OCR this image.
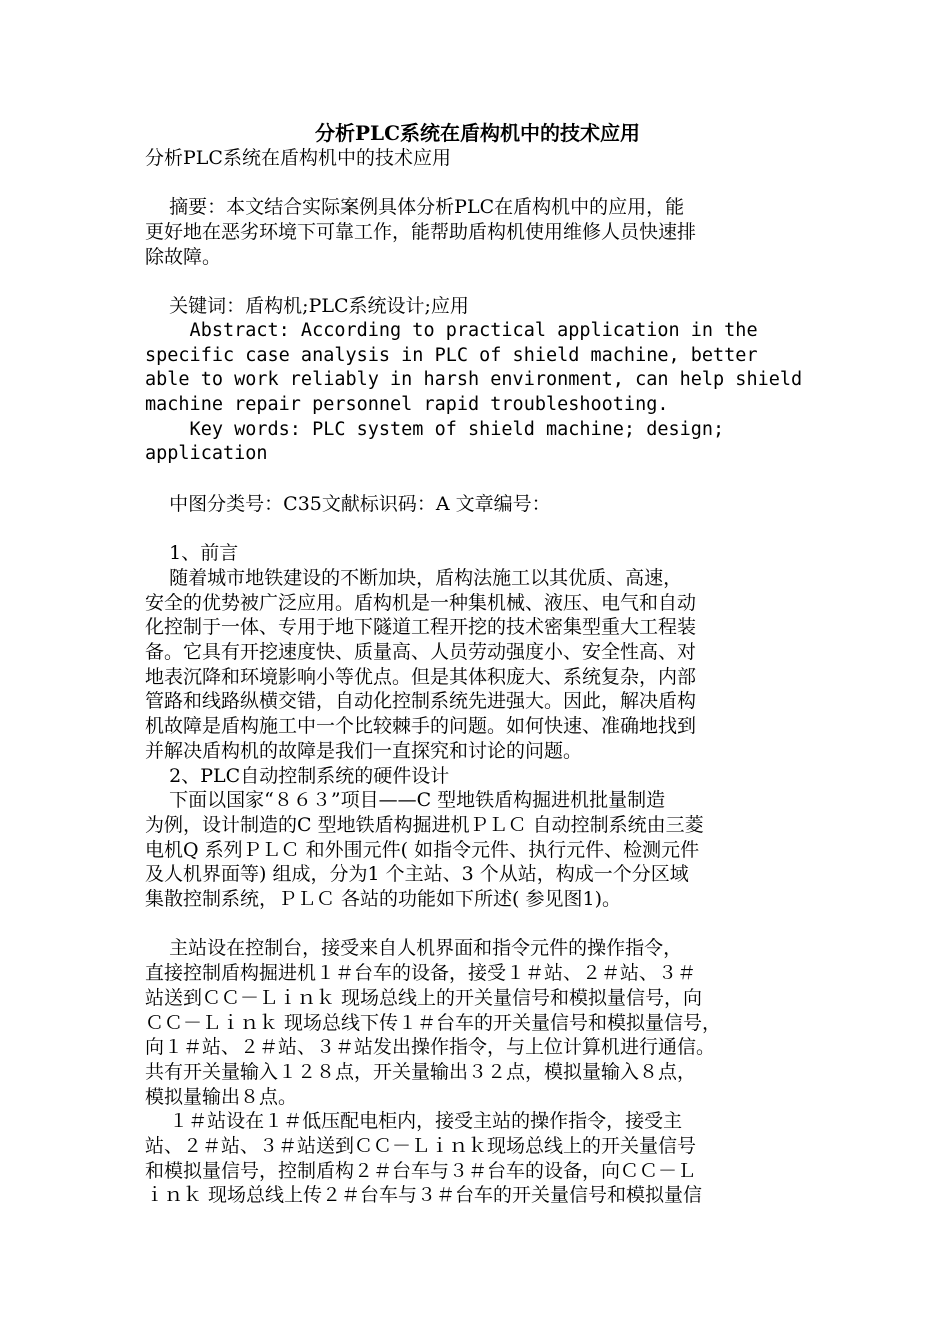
分析PLC系统在盾构机中的技术应用

分析PLC系统在盾构机中的技术应用

摘要：本文结合实际案例具体分析PLC在盾构机中的应用，能

更好地在恶劣环境下可靠工作，能帮助盾构机使用维修人员快速排

除故障。

关键词：盾构机;PLC系统设计;应用

Abstract: According to practical application in the

specific case analysis in PLC of shield machine, better

able to work reliably in harsh environment, can help shield

machine repair personnel rapid troubleshooting.

Key words: PLC system of shield machine; design;

application

中图分类号：C35文献标识码：A 文章编号：

1、前言

随着城市地铁建设的不断加块，盾构法施工以其优质、高速，

安全的优势被广泛应用。盾构机是一种集机械、液压、电气和自动

化控制于一体、专用于地下隧道工程开挖的技术密集型重大工程装

备。它具有开挖速度快、质量高、人员劳动强度小、安全性高、对

地表沉降和环境影响小等优点。但是其体积庞大、系统复杂，内部

管路和线路纵横交错，自动化控制系统先进强大。因此，解决盾构

机故障是盾构施工中一个比较棘手的问题。如何快速、准确地找到

并解决盾构机的故障是我们一直探究和讨论的问题。

2、PLC自动控制系统的硬件设计

下面以国家“８６３”项目——C 型地铁盾构掘进机批量制造

为例，设计制造的C 型地铁盾构掘进机ＰＬＣ 自动控制系统由三菱

电机Q 系列ＰＬＣ 和外围元件( 如指令元件、执行元件、检测元件

及人机界面等) 组成，分为1 个主站、3 个从站，构成一个分区域

集散控制系统，ＰＬＣ 各站的功能如下所述( 参见图1)。

主站设在控制台，接受来自人机界面和指令元件的操作指令，

直接控制盾构掘进机１＃台车的设备，接受１＃站、２＃站、３＃

站送到ＣＣ－Ｌｉｎｋ 现场总线上的开关量信号和模拟量信号，向

ＣＣ－Ｌｉｎｋ 现场总线下传１＃台车的开关量信号和模拟量信号，

向１＃站、２＃站、３＃站发出操作指令，与上位计算机进行通信。

共有开关量输入１２８点，开关量输出３２点，模拟量输入８点，

模拟量输出８点。

１＃站设在１＃低压配电柜内，接受主站的操作指令，接受主

站、２＃站、３＃站送到ＣＣ－Ｌｉｎｋ现场总线上的开关量信号

和模拟量信号，控制盾构２＃台车与３＃台车的设备，向ＣＣ－Ｌ

ｉｎｋ 现场总线上传２＃台车与３＃台车的开关量信号和模拟量信
